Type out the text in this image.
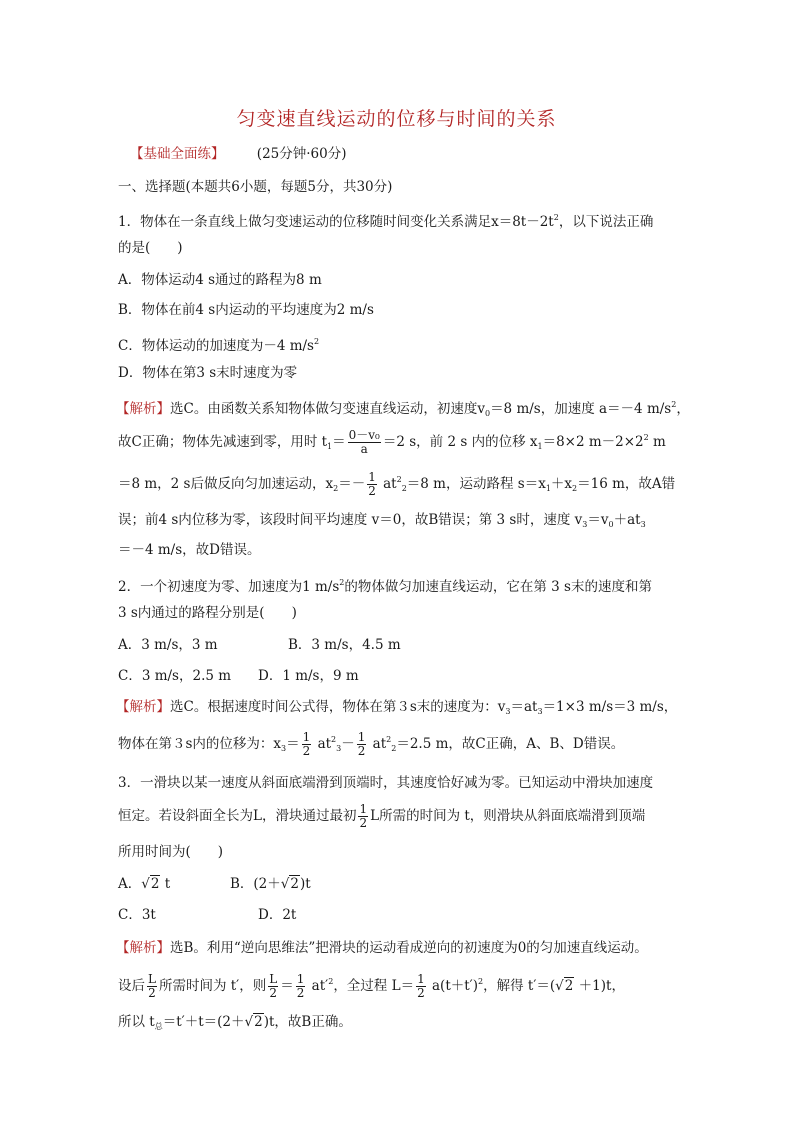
匀变速直线运动的位移与时间的关系
【基础全面练】 (25分钟·60分)
一、选择题(本题共6小题，每题5分，共30分)
1．物体在一条直线上做匀变速运动的位移随时间变化关系满足$x=8t-2t^2$，以下说法正确
的是(　　)
A．物体运动4 s通过的路程为8 m
B．物体在前4 s内运动的平均速度为2 m/s
C．物体运动的加速度为－4 $m/s^2$
D．物体在第3 s末时速度为零
【解析】选C。由函数关系知物体做匀变速直线运动，初速度$v_0=8$ m/s，加速度 a＝－4 $m/s^2$，
故C正确；物体先减速到零，用时 $t_1= \frac{\text{0－v₀}}{a} =2$ s，前 2 s 内的位移 $x_1=8\times 2$ $m-2\times 2^2$ m
＝8 m，2 s后做反向匀加速运动，$x_2=- \frac{1}{2} at^2_2=8$ m，运动路程 $s=x_1+x_2=16$ m，故A错
误；前4 s内位移为零，该段时间平均速度 v＝0，故B错误；第 3 s时，速度 $v_3=v_0+at_3$
＝－4 m/s，故D错误。
2．一个初速度为零、加速度为1 $m/s^2$的物体做匀加速直线运动，它在第 3 s末的速度和第
3 s内通过的路程分别是(　　)
A．3 m/s，3 m	B．3 m/s，4.5 m
C．3 m/s，2.5 m D．1 m/s，9 m
【解析】选C。根据速度时间公式得，物体在第３s末的速度为：$v_3=at_3=1\times 3$ m/s＝3 m/s，
物体在第３s内的位移为：$x_3= \frac{1}{2} at^2_3- \frac{1}{2} at^2_2=2.5$ m，故C正确，A、B、D错误。
3．一滑块以某一速度从斜面底端滑到顶端时，其速度恰好减为零。已知运动中滑块加速度
恒定。若设斜面全长为L，滑块通过最初 $\frac{1}{2}$ L所需的时间为 t，则滑块从斜面底端滑到顶端
所用时间为(　　)
A．√2 t	B．(2＋√2)t
C．3t	D．2t
【解析】选B。利用“逆向思维法”把滑块的运动看成逆向的初速度为0的匀加速直线运动。
设后 $\frac{L}{2}$ 所需时间为 t′，则 $\frac{L}{2} = \frac{1}{2} at'^2$，全过程 $L= \frac{1}{2} a(t+t')^2$，解得 t′＝(√2 ＋1)t，
所以 $t_总=t'+t=(2+√2)t$，故B正确。
